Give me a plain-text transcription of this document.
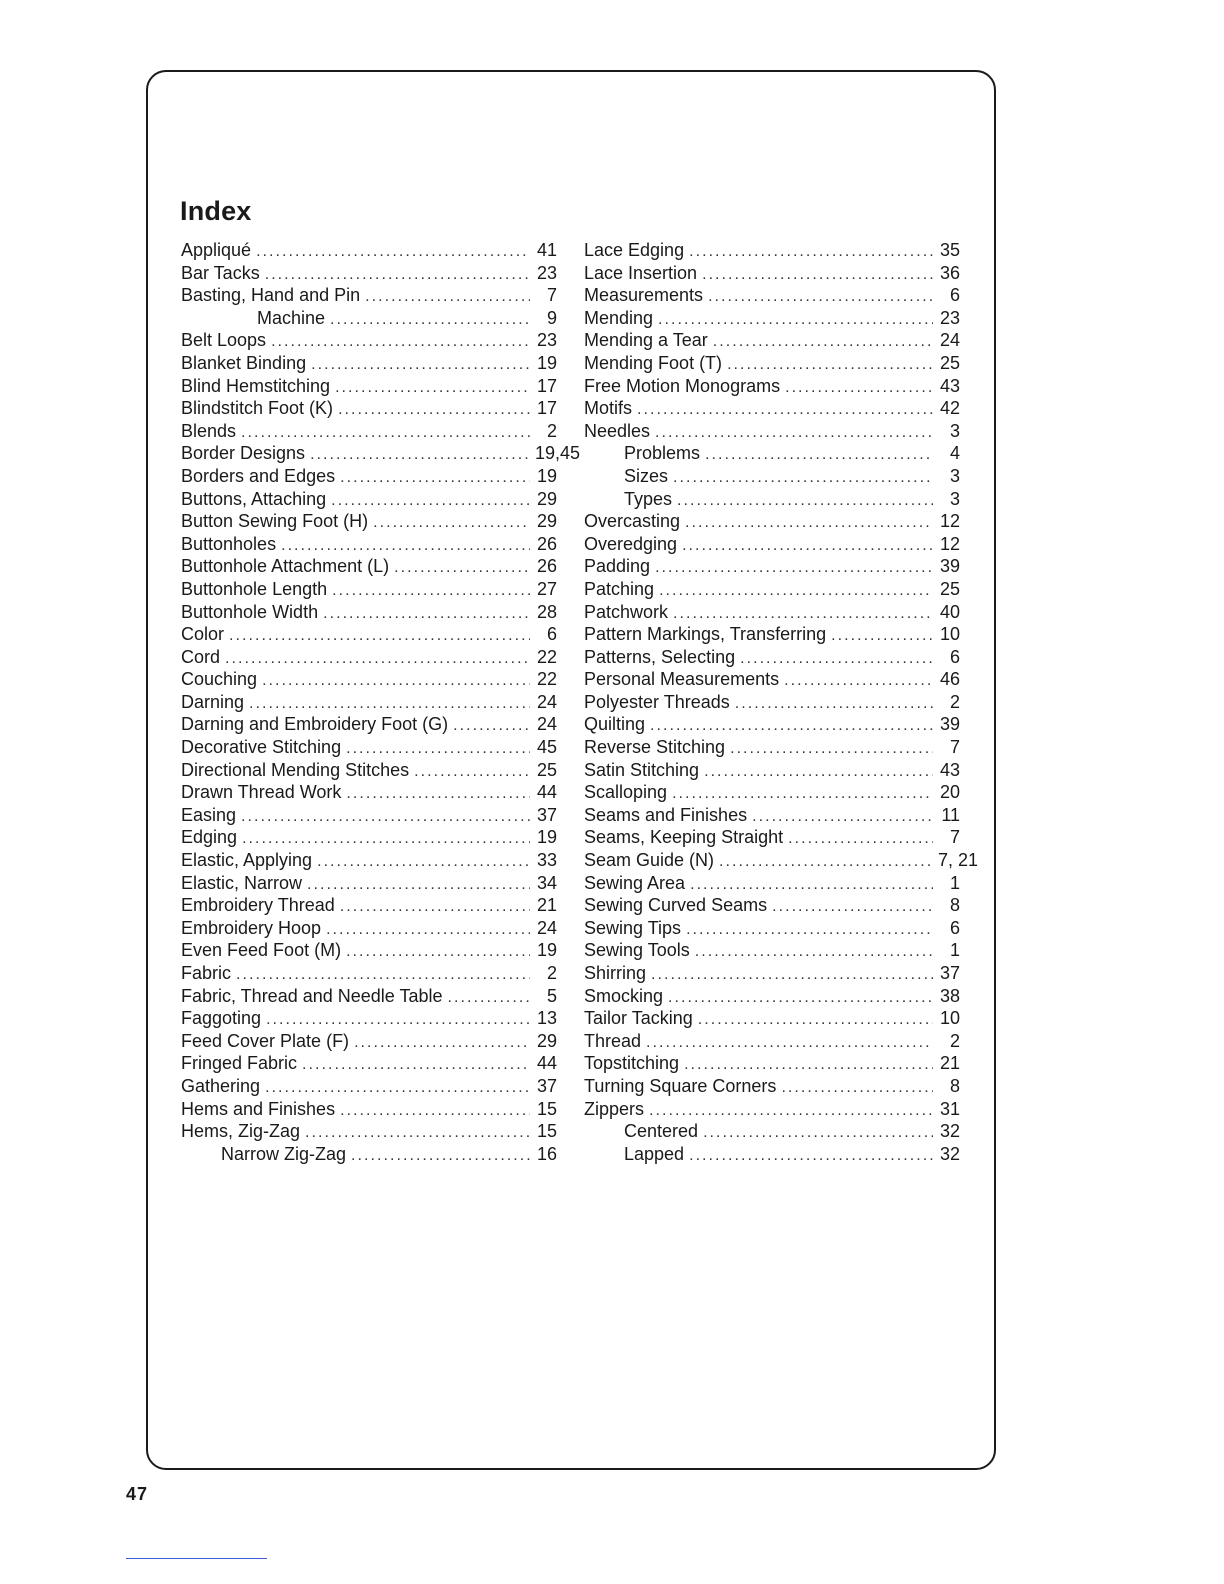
Index
Appliqué . . .	41
Bar Tacks . . .	23
Basting, Hand and Pin . . .	7
Machine . . .	9
Belt Loops . . .	23
Blanket Binding . . .	19
Blind Hemstitching . . .	17
Blindstitch Foot (K) . . .	17
Blends . . .	2
Border Designs . . .	19,45
Borders and Edges . . .	19
Buttons, Attaching . . .	29
Button Sewing Foot (H) . . .	29
Buttonholes . . .	26
Buttonhole Attachment (L) . . .	26
Buttonhole Length . . .	27
Buttonhole Width . . .	28
Color . . .	6
Cord . . .	22
Couching . . .	22
Darning . . .	24
Darning and Embroidery Foot (G) . . .	24
Decorative Stitching . . .	45
Directional Mending Stitches . . .	25
Drawn Thread Work . . .	44
Easing . . .	37
Edging . . .	19
Elastic, Applying . . .	33
Elastic, Narrow . . .	34
Embroidery Thread . . .	21
Embroidery Hoop . . .	24
Even Feed Foot (M) . . .	19
Fabric . . .	2
Fabric, Thread and Needle Table . . .	5
Faggoting . . .	13
Feed Cover Plate (F) . . .	29
Fringed Fabric . . .	44
Gathering . . .	37
Hems and Finishes . . .	15
Hems, Zig-Zag . . .	15
Narrow Zig-Zag . . .	16
Lace Edging . . .	35
Lace Insertion . . .	36
Measurements . . .	6
Mending . . .	23
Mending a Tear . . .	24
Mending Foot (T) . . .	25
Free Motion Monograms . . .	43
Motifs . . .	42
Needles . . .	3
Problems . . .	4
Sizes . . .	3
Types . . .	3
Overcasting . . .	12
Overedging . . .	12
Padding . . .	39
Patching . . .	25
Patchwork . . .	40
Pattern Markings, Transferring . . .	10
Patterns, Selecting . . .	6
Personal Measurements . . .	46
Polyester Threads . . .	2
Quilting . . .	39
Reverse Stitching . . .	7
Satin Stitching . . .	43
Scalloping . . .	20
Seams and Finishes . . .	11
Seams, Keeping Straight . . .	7
Seam Guide (N) . . .	7, 21
Sewing Area . . .	1
Sewing Curved Seams . . .	8
Sewing Tips . . .	6
Sewing Tools . . .	1
Shirring . . .	37
Smocking . . .	38
Tailor Tacking . . .	10
Thread . . .	2
Topstitching . . .	21
Turning Square Corners . . .	8
Zippers . . .	31
Centered . . .	32
Lapped . . .	32
47
